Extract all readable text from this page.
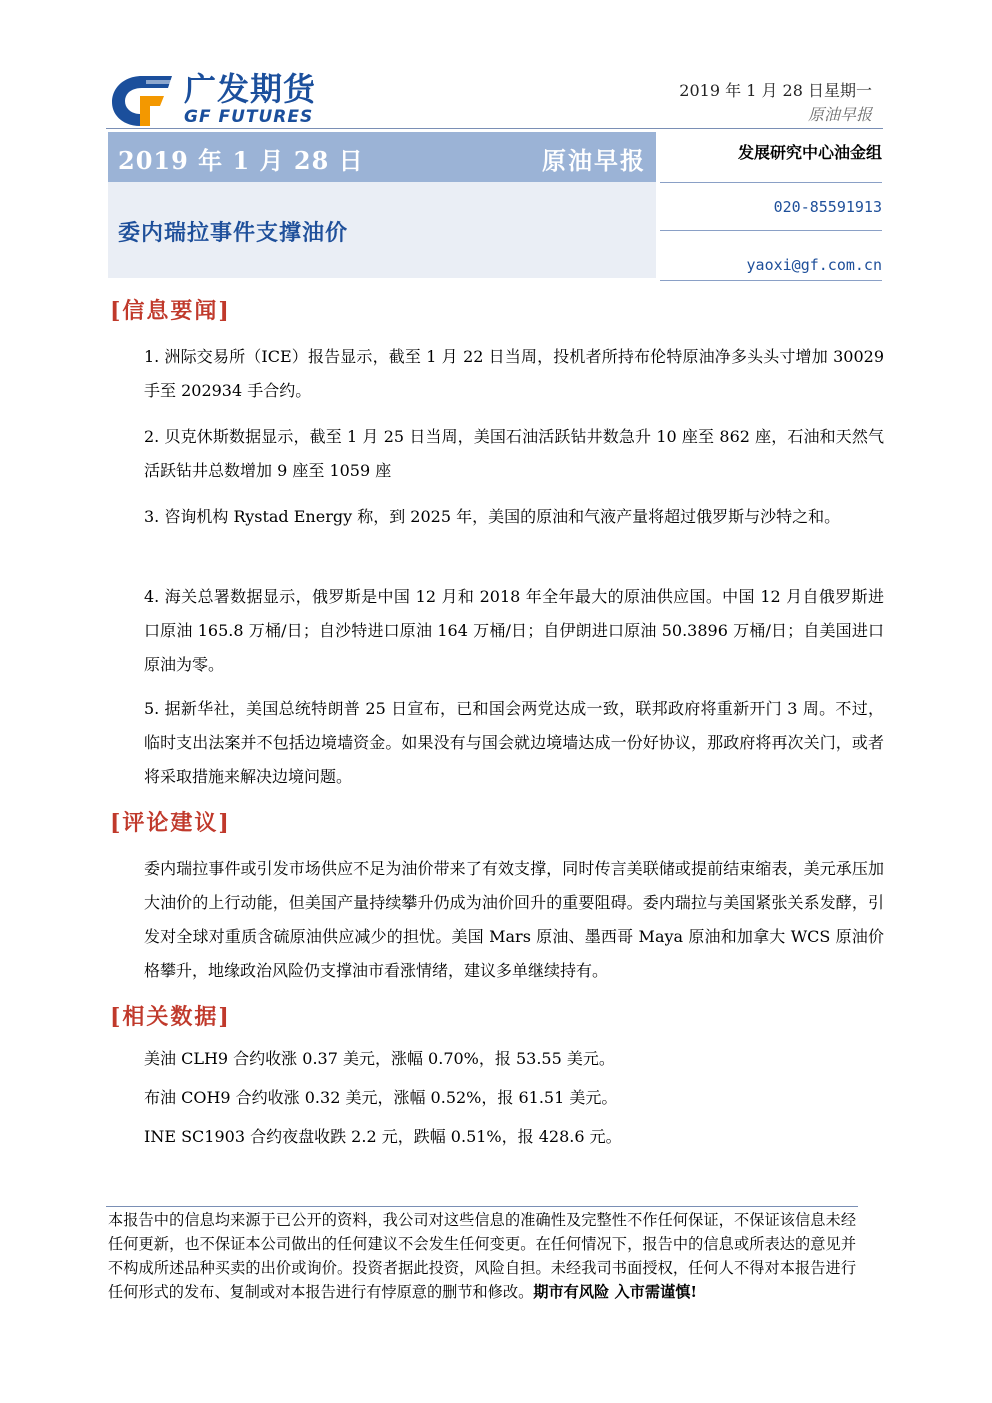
广发期货
GF FUTURES
2019 年 1 月 28 日星期一
原油早报
2019 年 1 月 28 日	原油早报
委内瑞拉事件支撑油价
发展研究中心油金组
020-85591913
yaoxi@gf.com.cn
[信息要闻]

1. 洲际交易所（ICE）报告显示，截至 1 月 22 日当周，投机者所持布伦特原油净多头头寸增加 30029 手至 202934 手合约。

2. 贝克休斯数据显示，截至 1 月 25 日当周，美国石油活跃钻井数急升 10 座至 862 座，石油和天然气活跃钻井总数增加 9 座至 1059 座

3. 咨询机构 Rystad Energy 称，到 2025 年，美国的原油和气液产量将超过俄罗斯与沙特之和。

4. 海关总署数据显示，俄罗斯是中国 12 月和 2018 年全年最大的原油供应国。中国 12 月自俄罗斯进口原油 165.8 万桶/日；自沙特进口原油 164 万桶/日；自伊朗进口原油 50.3896 万桶/日；自美国进口原油为零。

5. 据新华社，美国总统特朗普 25 日宣布，已和国会两党达成一致，联邦政府将重新开门 3 周。不过，临时支出法案并不包括边境墙资金。如果没有与国会就边境墙达成一份好协议，那政府将再次关门，或者将采取措施来解决边境问题。

[评论建议]

委内瑞拉事件或引发市场供应不足为油价带来了有效支撑，同时传言美联储或提前结束缩表，美元承压加大油价的上行动能，但美国产量持续攀升仍成为油价回升的重要阻碍。委内瑞拉与美国紧张关系发酵，引发对全球对重质含硫原油供应减少的担忧。美国 Mars 原油、墨西哥 Maya 原油和加拿大 WCS 原油价格攀升，地缘政治风险仍支撑油市看涨情绪，建议多单继续持有。

[相关数据]
美油 CLH9 合约收涨 0.37 美元，涨幅 0.70%，报 53.55 美元。
布油 COH9 合约收涨 0.32 美元，涨幅 0.52%，报 61.51 美元。
INE SC1903 合约夜盘收跌 2.2 元，跌幅 0.51%，报 428.6 元。

本报告中的信息均来源于已公开的资料，我公司对这些信息的准确性及完整性不作任何保证，不保证该信息未经任何更新，也不保证本公司做出的任何建议不会发生任何变更。在任何情况下，报告中的信息或所表达的意见并不构成所述品种买卖的出价或询价。投资者据此投资，风险自担。未经我司书面授权，任何人不得对本报告进行任何形式的发布、复制或对本报告进行有悖原意的删节和修改。期市有风险 入市需谨慎!
